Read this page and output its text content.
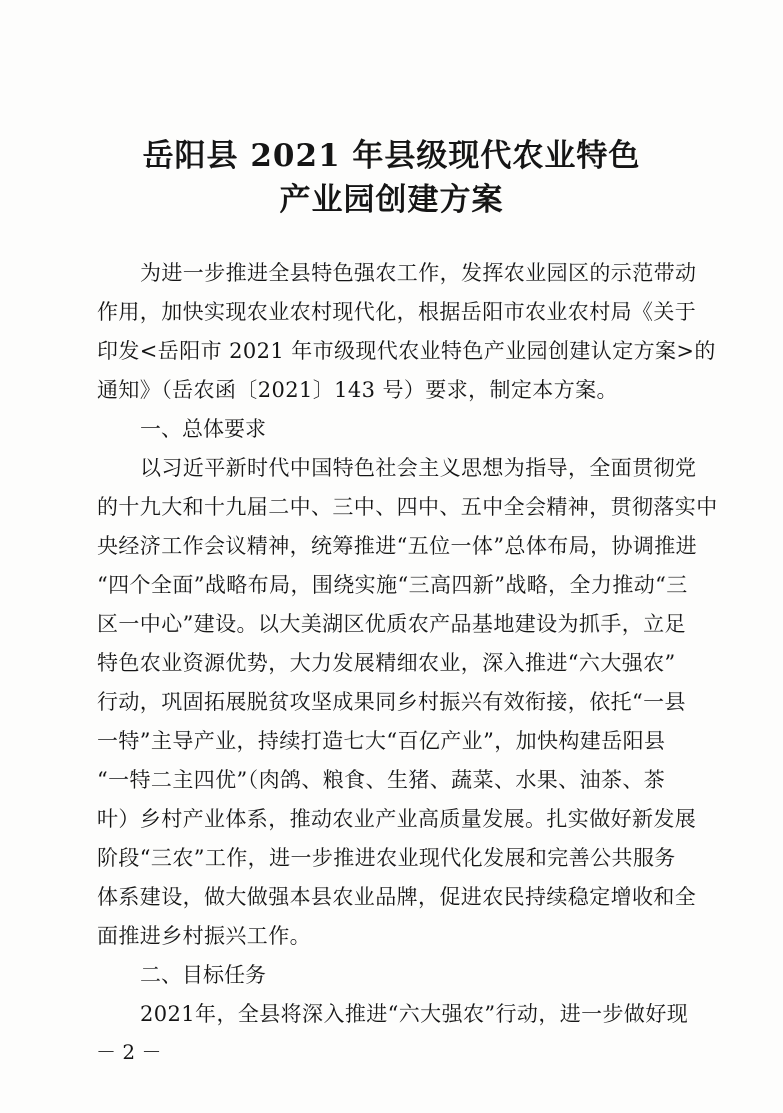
岳阳县 2021 年县级现代农业特色
产业园创建方案
为进一步推进全县特色强农工作，发挥农业园区的示范带动
作用，加快实现农业农村现代化，根据岳阳市农业农村局《关于
印发<岳阳市 2021 年市级现代农业特色产业园创建认定方案>的
通知》（岳农函〔2021〕143 号）要求，制定本方案。
一、总体要求
以习近平新时代中国特色社会主义思想为指导，全面贯彻党
的十九大和十九届二中、三中、四中、五中全会精神，贯彻落实中
央经济工作会议精神，统筹推进“五位一体”总体布局，协调推进
“四个全面”战略布局，围绕实施“三高四新”战略，全力推动“三
区一中心”建设。以大美湖区优质农产品基地建设为抓手，立足
特色农业资源优势，大力发展精细农业，深入推进“六大强农”
行动，巩固拓展脱贫攻坚成果同乡村振兴有效衔接，依托“一县
一特”主导产业，持续打造七大“百亿产业”，加快构建岳阳县
“一特二主四优”（肉鸽、粮食、生猪、蔬菜、水果、油茶、茶
叶）乡村产业体系，推动农业产业高质量发展。扎实做好新发展
阶段“三农”工作，进一步推进农业现代化发展和完善公共服务
体系建设，做大做强本县农业品牌，促进农民持续稳定增收和全
面推进乡村振兴工作。
二、目标任务
2021年，全县将深入推进“六大强农”行动，进一步做好现
－ 2 －
